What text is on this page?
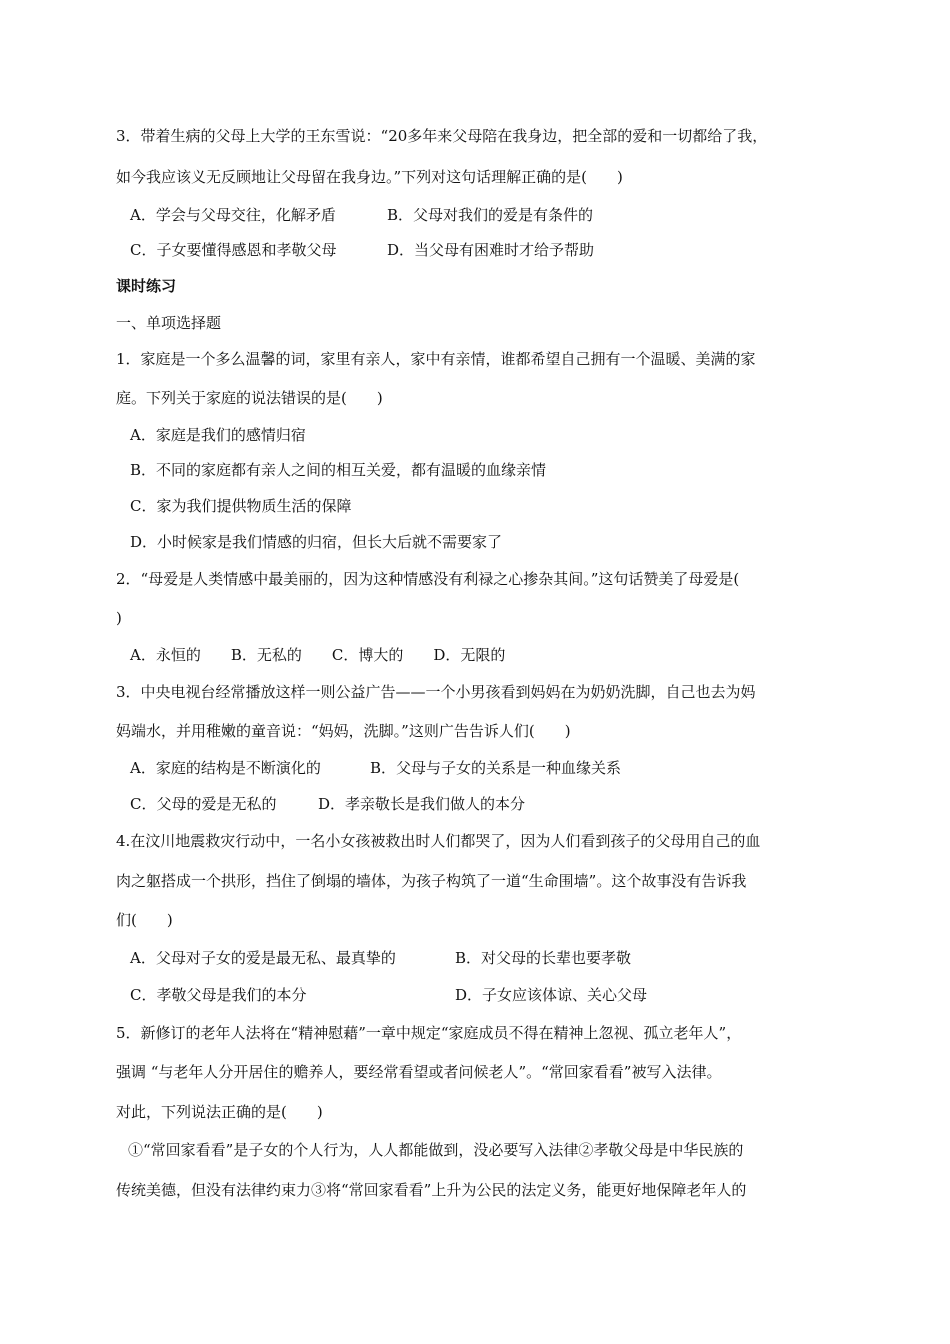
3．带着生病的父母上大学的王东雪说：“20多年来父母陪在我身边，把全部的爱和一切都给了我，
如今我应该义无反顾地让父母留在我身边。”下列对这句话理解正确的是(　　)
A．学会与父母交往，化解矛盾	B．父母对我们的爱是有条件的
C．子女要懂得感恩和孝敬父母	D．当父母有困难时才给予帮助
课时练习
一、单项选择题
1．家庭是一个多么温馨的词，家里有亲人，家中有亲情，谁都希望自己拥有一个温暖、美满的家
庭。下列关于家庭的说法错误的是(　　)
A．家庭是我们的感情归宿
B．不同的家庭都有亲人之间的相互关爱，都有温暖的血缘亲情
C．家为我们提供物质生活的保障
D．小时候家是我们情感的归宿，但长大后就不需要家了
2．“母爱是人类情感中最美丽的，因为这种情感没有利禄之心掺杂其间。”这句话赞美了母爱是(
)
A．永恒的　　B．无私的　　C．博大的　　D．无限的
3．中央电视台经常播放这样一则公益广告——一个小男孩看到妈妈在为奶奶洗脚，自己也去为妈
妈端水，并用稚嫩的童音说：“妈妈，洗脚。”这则广告告诉人们(　　)
A．家庭的结构是不断演化的	B．父母与子女的关系是一种血缘关系
C．父母的爱是无私的	D．孝亲敬长是我们做人的本分
4.在汶川地震救灾行动中，一名小女孩被救出时人们都哭了，因为人们看到孩子的父母用自己的血
肉之躯搭成一个拱形，挡住了倒塌的墙体，为孩子构筑了一道“生命围墙”。这个故事没有告诉我
们(　　)
A．父母对子女的爱是最无私、最真挚的	B．对父母的长辈也要孝敬
C．孝敬父母是我们的本分	D．子女应该体谅、关心父母
5．新修订的老年人法将在“精神慰藉”一章中规定“家庭成员不得在精神上忽视、孤立老年人”，
强调 “与老年人分开居住的赡养人，要经常看望或者问候老人”。“常回家看看”被写入法律。
对此，下列说法正确的是(　　)
①“常回家看看”是子女的个人行为，人人都能做到，没必要写入法律②孝敬父母是中华民族的
传统美德，但没有法律约束力③将“常回家看看”上升为公民的法定义务，能更好地保障老年人的
